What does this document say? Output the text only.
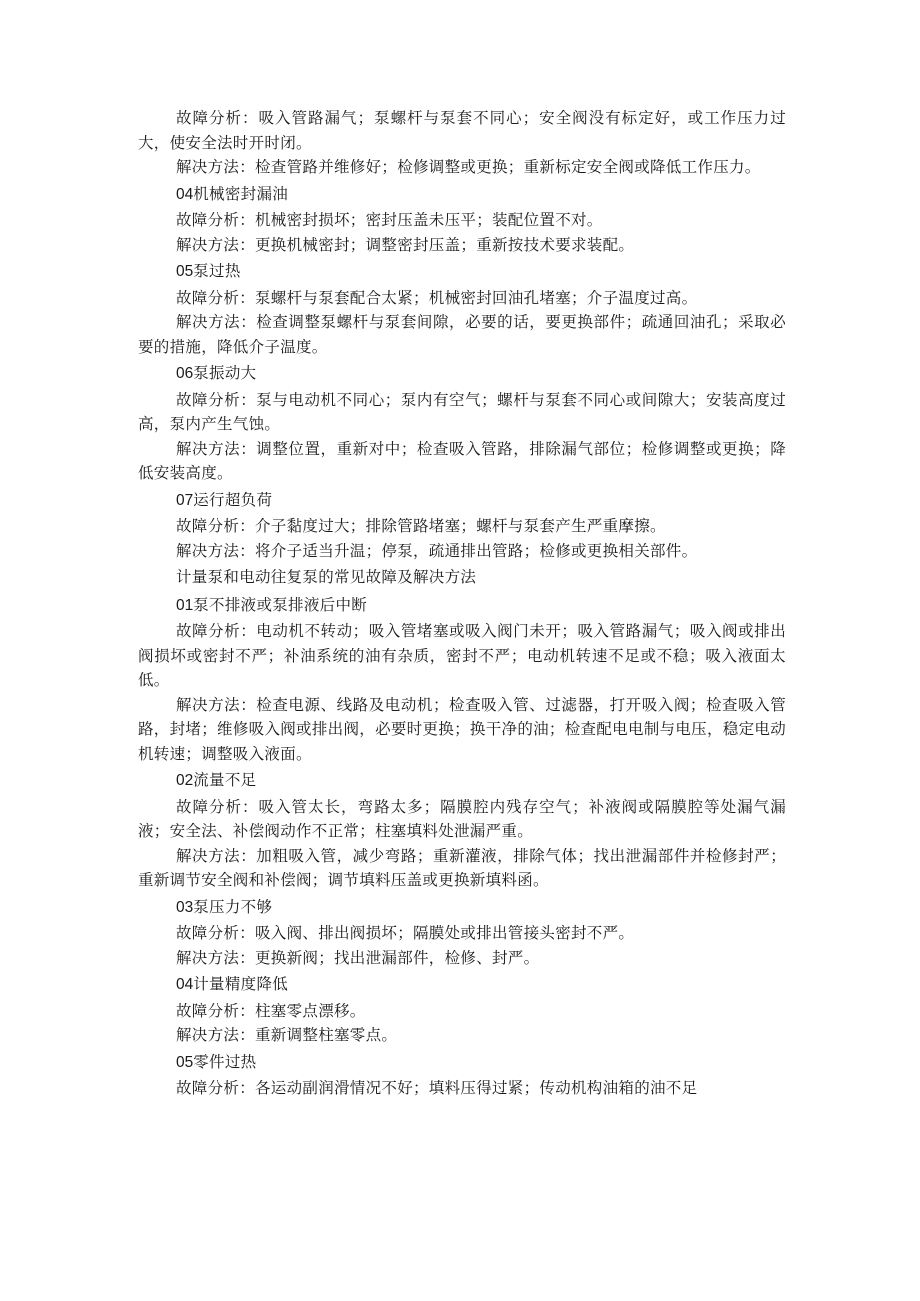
故障分析：吸入管路漏气；泵螺杆与泵套不同心；安全阀没有标定好，或工作压力过大，使安全法时开时闭。

解决方法：检查管路并维修好；检修调整或更换；重新标定安全阀或降低工作压力。

04机械密封漏油

故障分析：机械密封损坏；密封压盖未压平；装配位置不对。

解决方法：更换机械密封；调整密封压盖；重新按技术要求装配。

05泵过热

故障分析：泵螺杆与泵套配合太紧；机械密封回油孔堵塞；介子温度过高。

解决方法：检查调整泵螺杆与泵套间隙，必要的话，要更换部件；疏通回油孔；采取必要的措施，降低介子温度。

06泵振动大

故障分析：泵与电动机不同心；泵内有空气；螺杆与泵套不同心或间隙大；安装高度过高，泵内产生气蚀。

解决方法：调整位置，重新对中；检查吸入管路，排除漏气部位；检修调整或更换；降低安装高度。

07运行超负荷

故障分析：介子黏度过大；排除管路堵塞；螺杆与泵套产生严重摩擦。

解决方法：将介子适当升温；停泵，疏通排出管路；检修或更换相关部件。

计量泵和电动往复泵的常见故障及解决方法

01泵不排液或泵排液后中断

故障分析：电动机不转动；吸入管堵塞或吸入阀门未开；吸入管路漏气；吸入阀或排出阀损坏或密封不严；补油系统的油有杂质，密封不严；电动机转速不足或不稳；吸入液面太低。

解决方法：检查电源、线路及电动机；检查吸入管、过滤器，打开吸入阀；检查吸入管路，封堵；维修吸入阀或排出阀，必要时更换；换干净的油；检查配电电制与电压，稳定电动机转速；调整吸入液面。

02流量不足

故障分析：吸入管太长，弯路太多；隔膜腔内残存空气；补液阀或隔膜腔等处漏气漏液；安全法、补偿阀动作不正常；柱塞填料处泄漏严重。

解决方法：加粗吸入管，减少弯路；重新灌液，排除气体；找出泄漏部件并检修封严；重新调节安全阀和补偿阀；调节填料压盖或更换新填料函。

03泵压力不够

故障分析：吸入阀、排出阀损坏；隔膜处或排出管接头密封不严。

解决方法：更换新阀；找出泄漏部件，检修、封严。

04计量精度降低

故障分析：柱塞零点漂移。

解决方法：重新调整柱塞零点。

05零件过热

故障分析：各运动副润滑情况不好；填料压得过紧；传动机构油箱的油不足
